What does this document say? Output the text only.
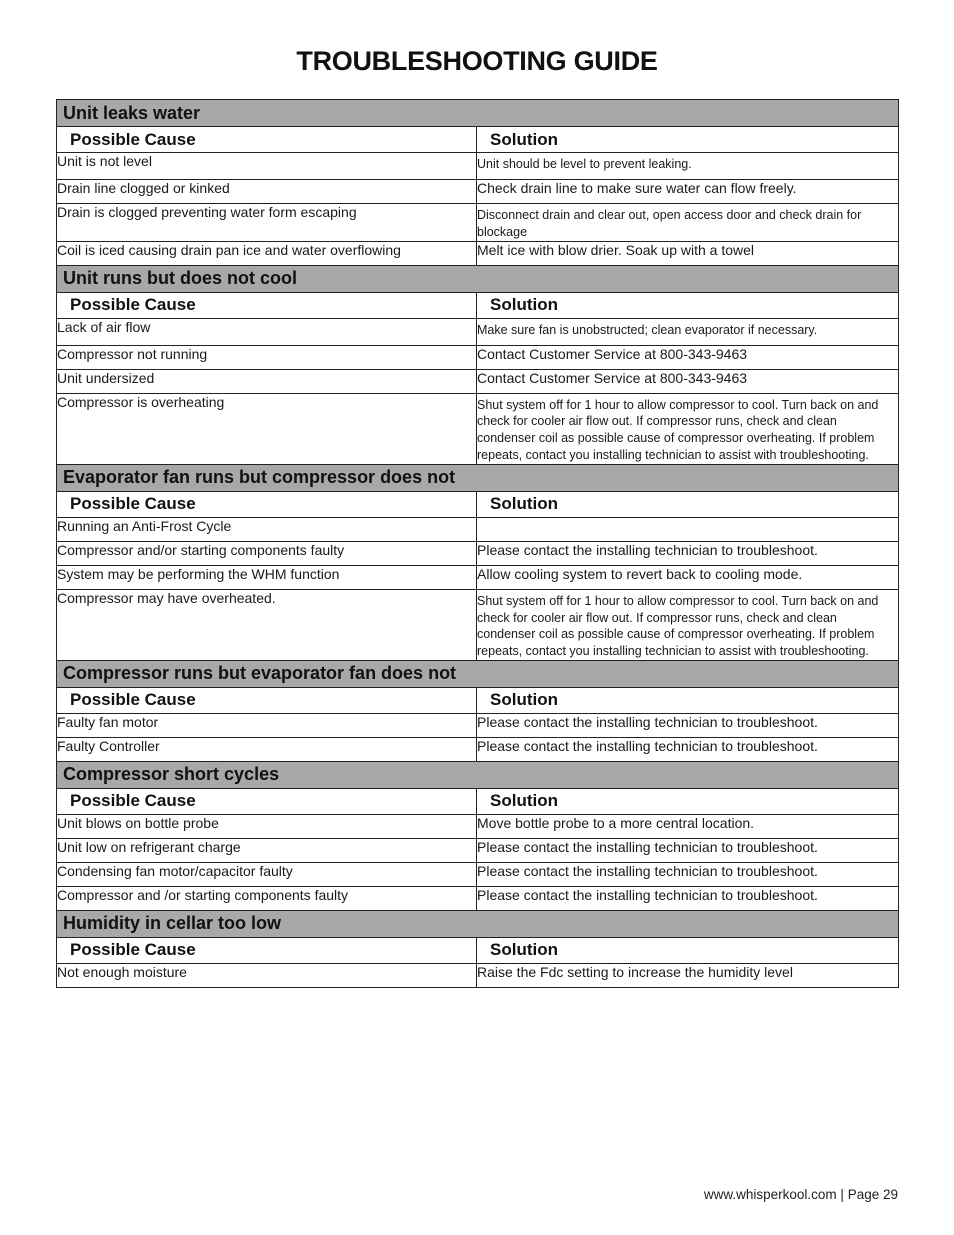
TROUBLESHOOTING GUIDE
Unit leaks water	
Possible Cause	Solution
Unit is not level	Unit should be level to prevent leaking.
Drain line clogged or kinked	Check drain line to make sure water can flow freely.
Drain is clogged preventing water form escaping	Disconnect drain and clear out, open access door and check drain for blockage
Coil is iced causing drain pan ice and water overflowing	Melt ice with blow drier. Soak up with a towel
Unit runs but does not cool	
Possible Cause	Solution
Lack of air flow	Make sure fan is unobstructed; clean evaporator if necessary.
Compressor not running	Contact Customer Service at 800-343-9463
Unit undersized	Contact Customer Service at 800-343-9463
Compressor is overheating	Shut system off for 1 hour to allow compressor to cool. Turn back on and check for cooler air flow out. If compressor runs, check and clean condenser coil as possible cause of compressor overheating. If problem repeats, contact you installing technician to assist with troubleshooting.
Evaporator fan runs but compressor does not	
Possible Cause	Solution
Running an Anti-Frost Cycle	
Compressor and/or starting components faulty	Please contact the installing technician to troubleshoot.
System may be performing the WHM function	Allow cooling system to revert back to cooling mode.
Compressor may have overheated.	Shut system off for 1 hour to allow compressor to cool. Turn back on and check for cooler air flow out. If compressor runs, check and clean condenser coil as possible cause of compressor overheating. If problem repeats, contact you installing technician to assist with troubleshooting.
Compressor runs but evaporator fan does not	
Possible Cause	Solution
Faulty fan motor	Please contact the installing technician to troubleshoot.
Faulty Controller	Please contact the installing technician to troubleshoot.
Compressor short cycles	
Possible Cause	Solution
Unit blows on bottle probe	Move bottle probe to a more central location.
Unit low on refrigerant charge	Please contact the installing technician to troubleshoot.
Condensing fan motor/capacitor faulty	Please contact the installing technician to troubleshoot.
Compressor and /or starting components faulty	Please contact the installing technician to troubleshoot.
Humidity in cellar too low	
Possible Cause	Solution
Not enough moisture	Raise the Fdc setting to increase the humidity level
www.whisperkool.com | Page 29
